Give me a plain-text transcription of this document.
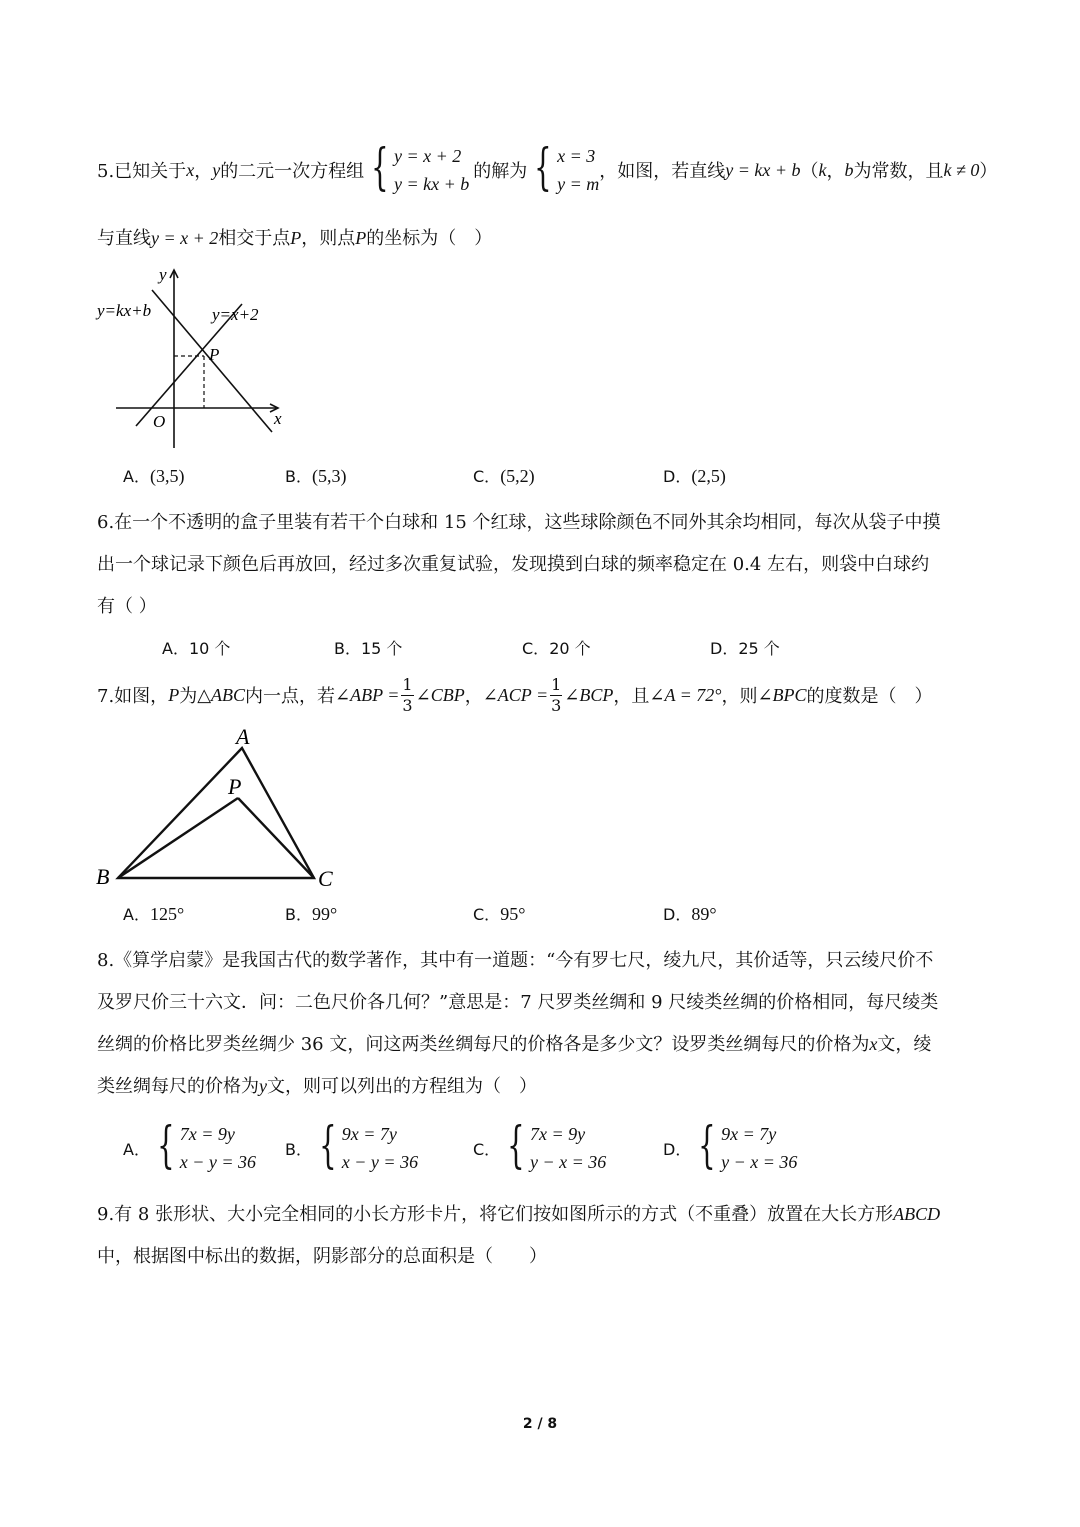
5.已知关于 x ， y 的二元一次方程组 { y = x + 2
y = kx + b
的解为 { x = 3
y = m
，如图，若直线 y = kx + b （ k ， b 为常数，且 k ≠ 0 ）
与直线y = x + 2相交于点P，则点P的坐标为（　）
y
x
O
P
y=kx+b	y=x+2
A．(3,5)	B．(5,3)	C．(5,2)	D．(2,5)
6.在一个不透明的盒子里装有若干个白球和 15 个红球，这些球除颜色不同外其余均相同，每次从袋子中摸
出一个球记录下颜色后再放回，经过多次重复试验，发现摸到白球的频率稳定在 0.4 左右，则袋中白球约
有（ ）
A．10 个	B．15 个	C．20 个	D．25 个
7.如图， P 为 △ABC 内一点，若 ∠ABP = $\frac{1}{3}$ ∠CBP ， ∠ACP = $\frac{1}{3}$ ∠BCP ，且 ∠A = 72° ，则 ∠BPC 的度数是（　）
A
P
B	C
A．125°	B．99°	C．95°	D．89°
8.《算学启蒙》是我国古代的数学著作，其中有一道题：“今有罗七尺，绫九尺，其价适等，只云绫尺价不
及罗尺价三十六文．问：二色尺价各几何？”意思是：7 尺罗类丝绸和 9 尺绫类丝绸的价格相同，每尺绫类
丝绸的价格比罗类丝绸少 36 文，问这两类丝绸每尺的价格各是多少文？设罗类丝绸每尺的价格为x文，绫
类丝绸每尺的价格为y文，则可以列出的方程组为（　）
A． { 7x = 9y
x − y = 36
B． { 9x = 7y
x − y = 36
C． { 7x = 9y
y − x = 36
D． { 9x = 7y
y − x = 36
9.有 8 张形状、大小完全相同的小长方形卡片，将它们按如图所示的方式（不重叠）放置在大长方形ABCD
中，根据图中标出的数据，阴影部分的总面积是（　　）
2 / 8
